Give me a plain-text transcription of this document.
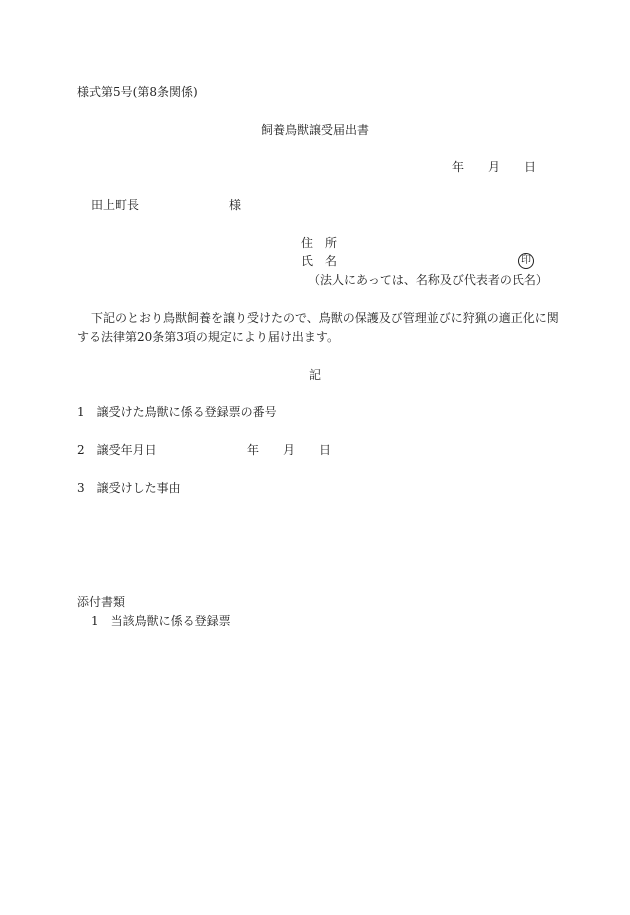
様式第5号(第8条関係)
飼養鳥獣譲受届出書
年 月 日
田上町長	様
住　所
氏　名	印
（法人にあっては、名称及び代表者の氏名）
下記のとおり鳥獣飼養を譲り受けたので、鳥獣の保護及び管理並びに狩猟の適正化に関
する法律第20条第3項の規定により届け出ます。
記
1　譲受けた鳥獣に係る登録票の番号
2　譲受年月日	年 月 日
3　譲受けした事由
添付書類
1　当該鳥獣に係る登録票
